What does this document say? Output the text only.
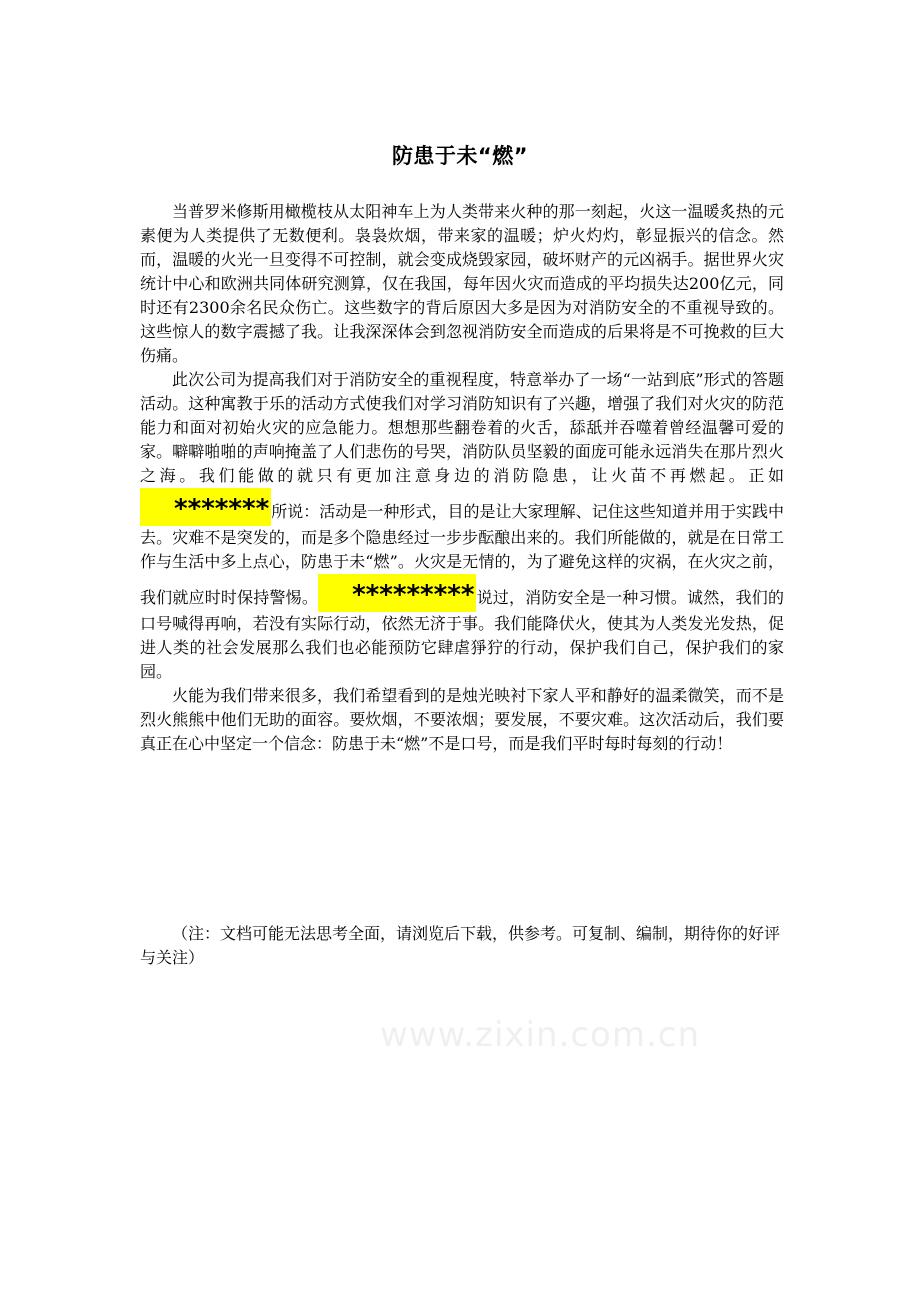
防患于未“燃”

当普罗米修斯用橄榄枝从太阳神车上为人类带来火种的那一刻起，火这一温暖炙热的元素便为人类提供了无数便利。袅袅炊烟，带来家的温暖；炉火灼灼，彰显振兴的信念。然而，温暖的火光一旦变得不可控制，就会变成烧毁家园，破坏财产的元凶祸手。据世界火灾统计中心和欧洲共同体研究测算，仅在我国，每年因火灾而造成的平均损失达200亿元，同时还有2300余名民众伤亡。这些数字的背后原因大多是因为对消防安全的不重视导致的。这些惊人的数字震撼了我。让我深深体会到忽视消防安全而造成的后果将是不可挽救的巨大伤痛。

此次公司为提高我们对于消防安全的重视程度，特意举办了一场“一站到底”形式的答题活动。这种寓教于乐的活动方式使我们对学习消防知识有了兴趣，增强了我们对火灾的防范能力和面对初始火灾的应急能力。想想那些翻卷着的火舌，舔舐并吞噬着曾经温馨可爱的家。噼噼啪啪的声响掩盖了人们悲伤的号哭，消防队员坚毅的面庞可能永远消失在那片烈火之海。我们能做的就只有更加注意身边的消防隐患，让火苗不再燃起。正如******* 所说：活动是一种形式，目的是让大家理解、记住这些知道并用于实践中去。灾难不是突发的，而是多个隐患经过一步步酝酿出来的。我们所能做的，就是在日常工作与生活中多上点心，防患于未“燃”。火灾是无情的，为了避免这样的灾祸，在火灾之前，我们就应时时保持警惕。 ********* 说过，消防安全是一种习惯。诚然，我们的口号喊得再响，若没有实际行动，依然无济于事。我们能降伏火，使其为人类发光发热，促进人类的社会发展那么我们也必能预防它肆虐猙狞的行动，保护我们自己，保护我们的家园。

火能为我们带来很多，我们希望看到的是烛光映衬下家人平和静好的温柔微笑，而不是烈火熊熊中他们无助的面容。要炊烟，不要浓烟；要发展，不要灾难。这次活动后，我们要真正在心中坚定一个信念：防患于未“燃”不是口号，而是我们平时每时每刻的行动！

（注：文档可能无法思考全面，请浏览后下载，供参考。可复制、编制，期待你的好评与关注）

www.zixin.com.cn
